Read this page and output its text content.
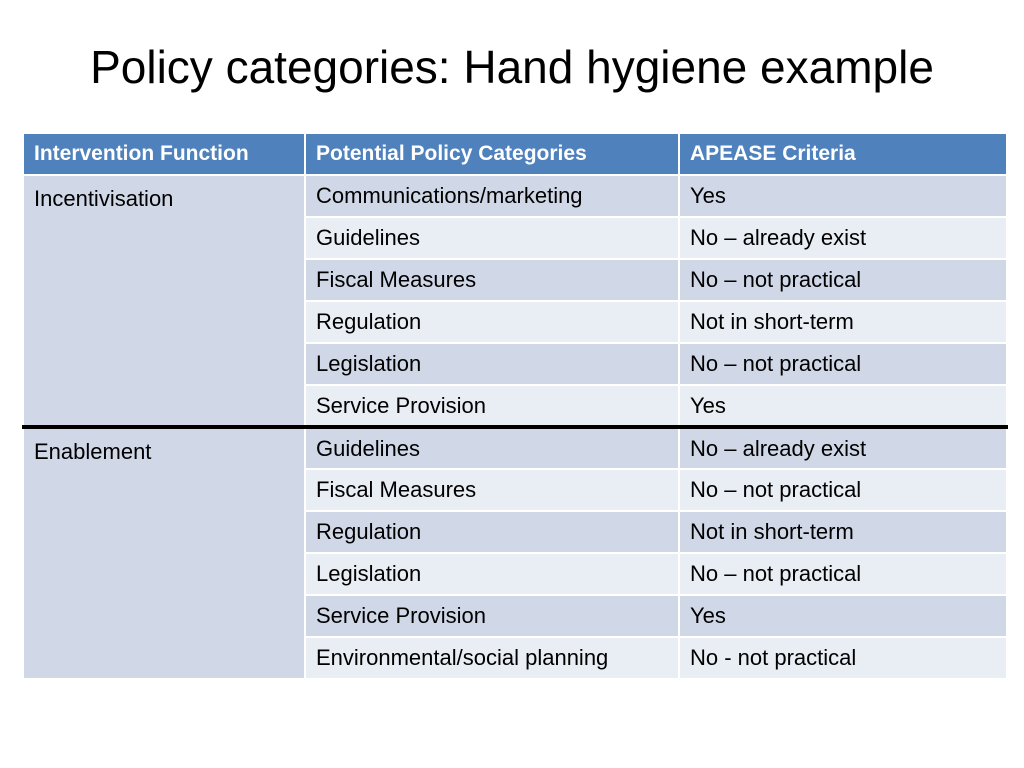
Policy categories: Hand hygiene example
Intervention Function	Potential Policy Categories	APEASE Criteria
Incentivisation	Communications/marketing	Yes
	Guidelines	No – already exist
	Fiscal Measures	No – not practical
	Regulation	Not in short-term
	Legislation	No – not practical
	Service Provision	Yes
Enablement	Guidelines	No – already exist
	Fiscal Measures	No – not practical
	Regulation	Not in short-term
	Legislation	No – not practical
	Service Provision	Yes
	Environmental/social planning	No - not practical
